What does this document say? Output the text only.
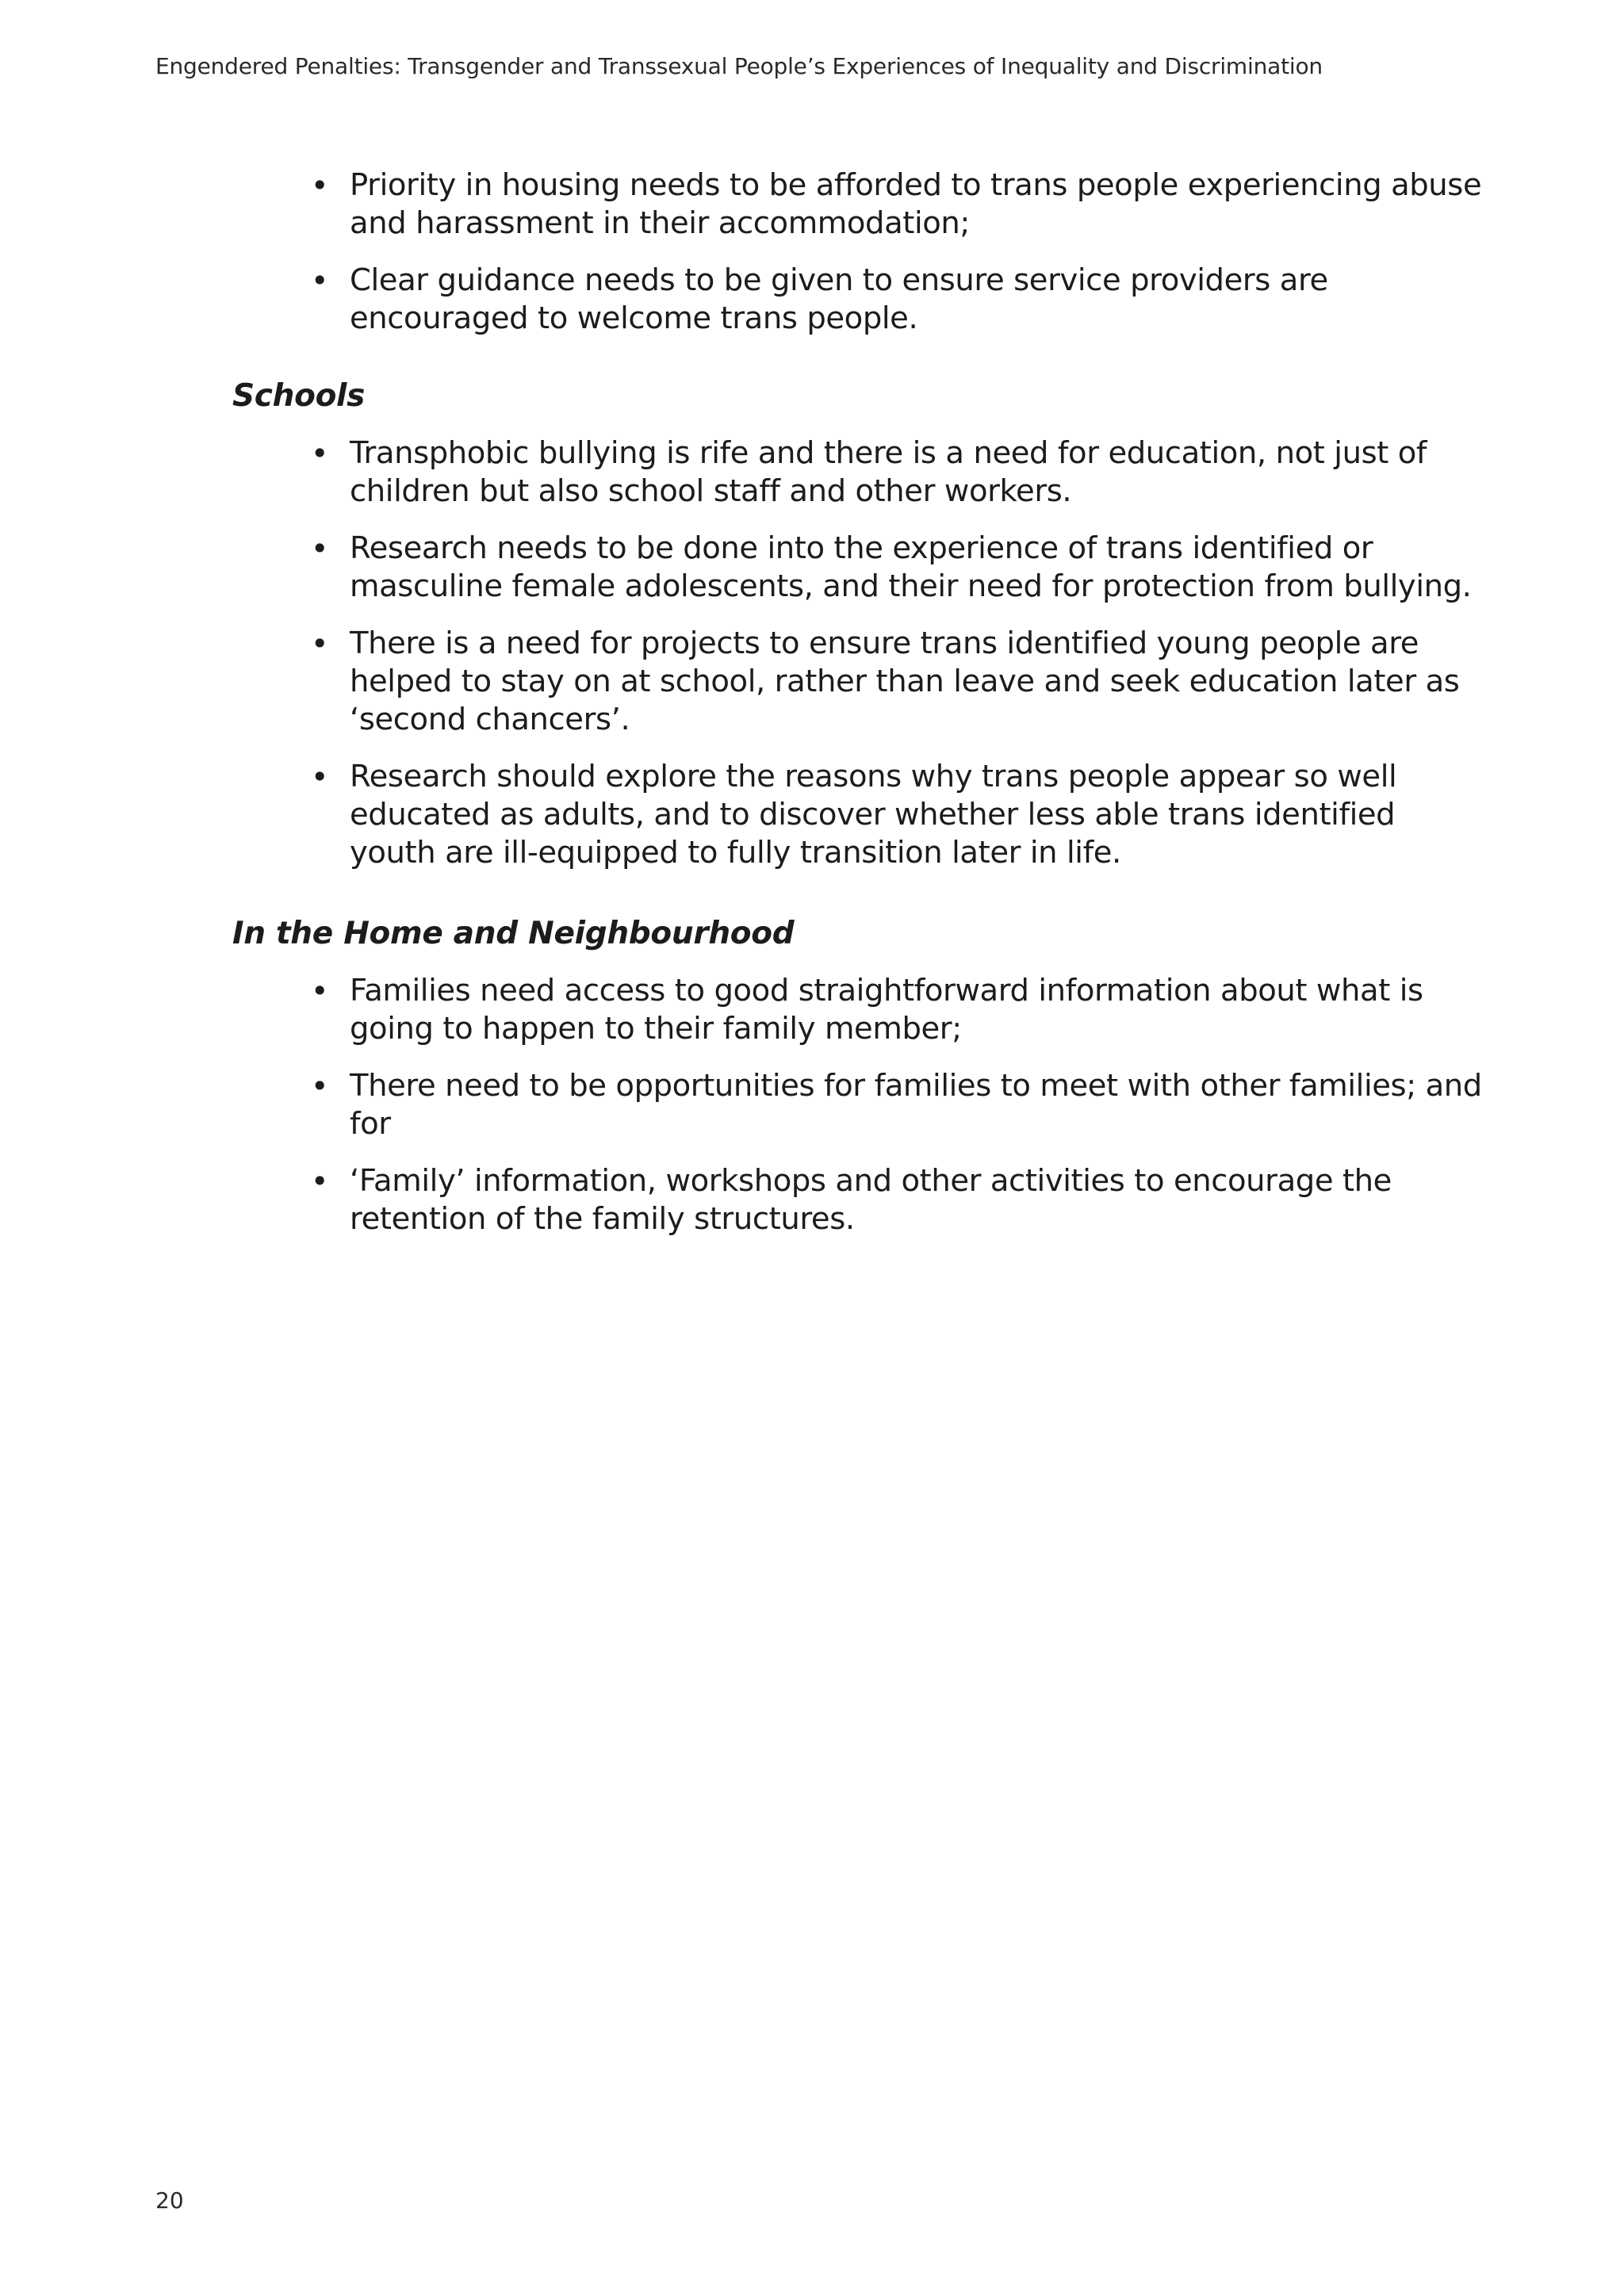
Engendered Penalties: Transgender and Transsexual People’s Experiences of Inequality and Discrimination
• Priority in housing needs to be afforded to trans people experiencing abuse and harassment in their accommodation;
• Clear guidance needs to be given to ensure service providers are encouraged to welcome trans people.
Schools
• Transphobic bullying is rife and there is a need for education, not just of children but also school staff and other workers.
• Research needs to be done into the experience of trans identified or masculine female adolescents, and their need for protection from bullying.
• There is a need for projects to ensure trans identified young people are helped to stay on at school, rather than leave and seek education later as ‘second chancers’.
• Research should explore the reasons why trans people appear so well educated as adults, and to discover whether less able trans identified youth are ill-equipped to fully transition later in life.
In the Home and Neighbourhood
• Families need access to good straightforward information about what is going to happen to their family member;
• There need to be opportunities for families to meet with other families; and for
• ‘Family’ information, workshops and other activities to encourage the retention of the family structures.
20
